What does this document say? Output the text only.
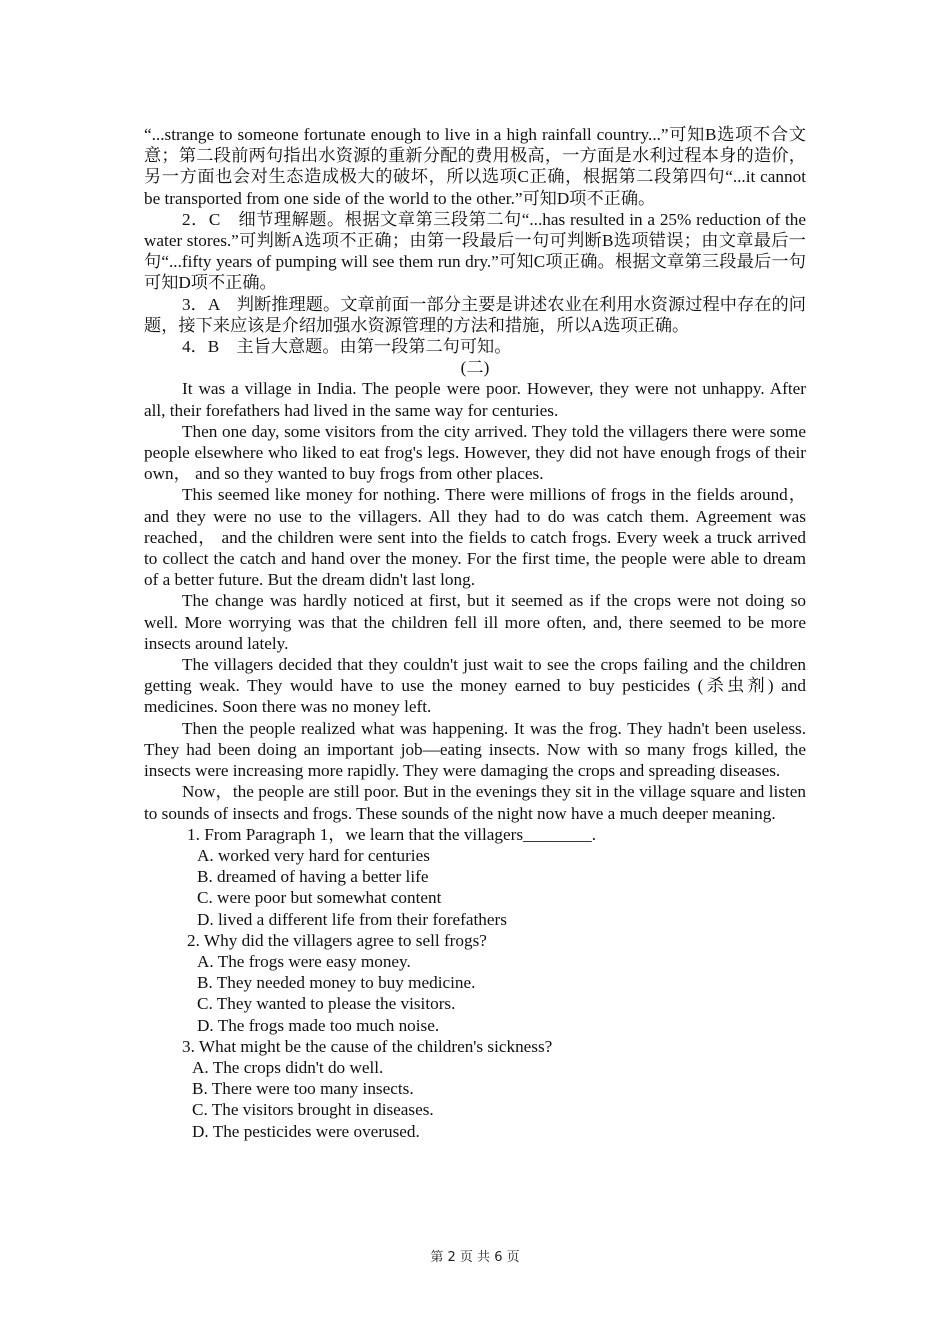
“...strange to someone fortunate enough to live in a high rainfall country...”可知B选项不合文意；第二段前两句指出水资源的重新分配的费用极高，一方面是水利过程本身的造价，另一方面也会对生态造成极大的破坏，所以选项C正确，根据第二段第四句“...it cannot be transported from one side of the world to the other.”可知D项不正确。

2．C　细节理解题。根据文章第三段第二句“...has resulted in a 25% reduction of the water stores.”可判断A选项不正确；由第一段最后一句可判断B选项错误；由文章最后一句“...fifty years of pumping will see them run dry.”可知C项正确。根据文章第三段最后一句可知D项不正确。

3．A　判断推理题。文章前面一部分主要是讲述农业在利用水资源过程中存在的问题，接下来应该是介绍加强水资源管理的方法和措施，所以A选项正确。

4．B　主旨大意题。由第一段第二句可知。

(二)

It was a village in India. The people were poor. However, they were not unhappy. After all, their forefathers had lived in the same way for centuries.

Then one day, some visitors from the city arrived. They told the villagers there were some people elsewhere who liked to eat frog's legs. However, they did not have enough frogs of their own， and so they wanted to buy frogs from other places.

This seemed like money for nothing. There were millions of frogs in the fields around， and they were no use to the villagers. All they had to do was catch them. Agreement was reached， and the children were sent into the fields to catch frogs. Every week a truck arrived to collect the catch and hand over the money. For the first time, the people were able to dream of a better future. But the dream didn't last long.

The change was hardly noticed at first, but it seemed as if the crops were not doing so well. More worrying was that the children fell ill more often, and, there seemed to be more insects around lately.

The villagers decided that they couldn't just wait to see the crops failing and the children getting weak. They would have to use the money earned to buy pesticides (杀虫剂) and medicines. Soon there was no money left.

Then the people realized what was happening. It was the frog. They hadn't been useless. They had been doing an important job—eating insects. Now with so many frogs killed, the insects were increasing more rapidly. They were damaging the crops and spreading diseases.

Now，the people are still poor. But in the evenings they sit in the village square and listen to sounds of insects and frogs. These sounds of the night now have a much deeper meaning.

1. From Paragraph 1，we learn that the villagers________.

A. worked very hard for centuries

B. dreamed of having a better life

C. were poor but somewhat content

D. lived a different life from their forefathers

2. Why did the villagers agree to sell frogs?

A. The frogs were easy money.

B. They needed money to buy medicine.

C. They wanted to please the visitors.

D. The frogs made too much noise.

3. What might be the cause of the children's sickness?

A. The crops didn't do well.

B. There were too many insects.

C. The visitors brought in diseases.

D. The pesticides were overused.

第 2 页 共 6 页
